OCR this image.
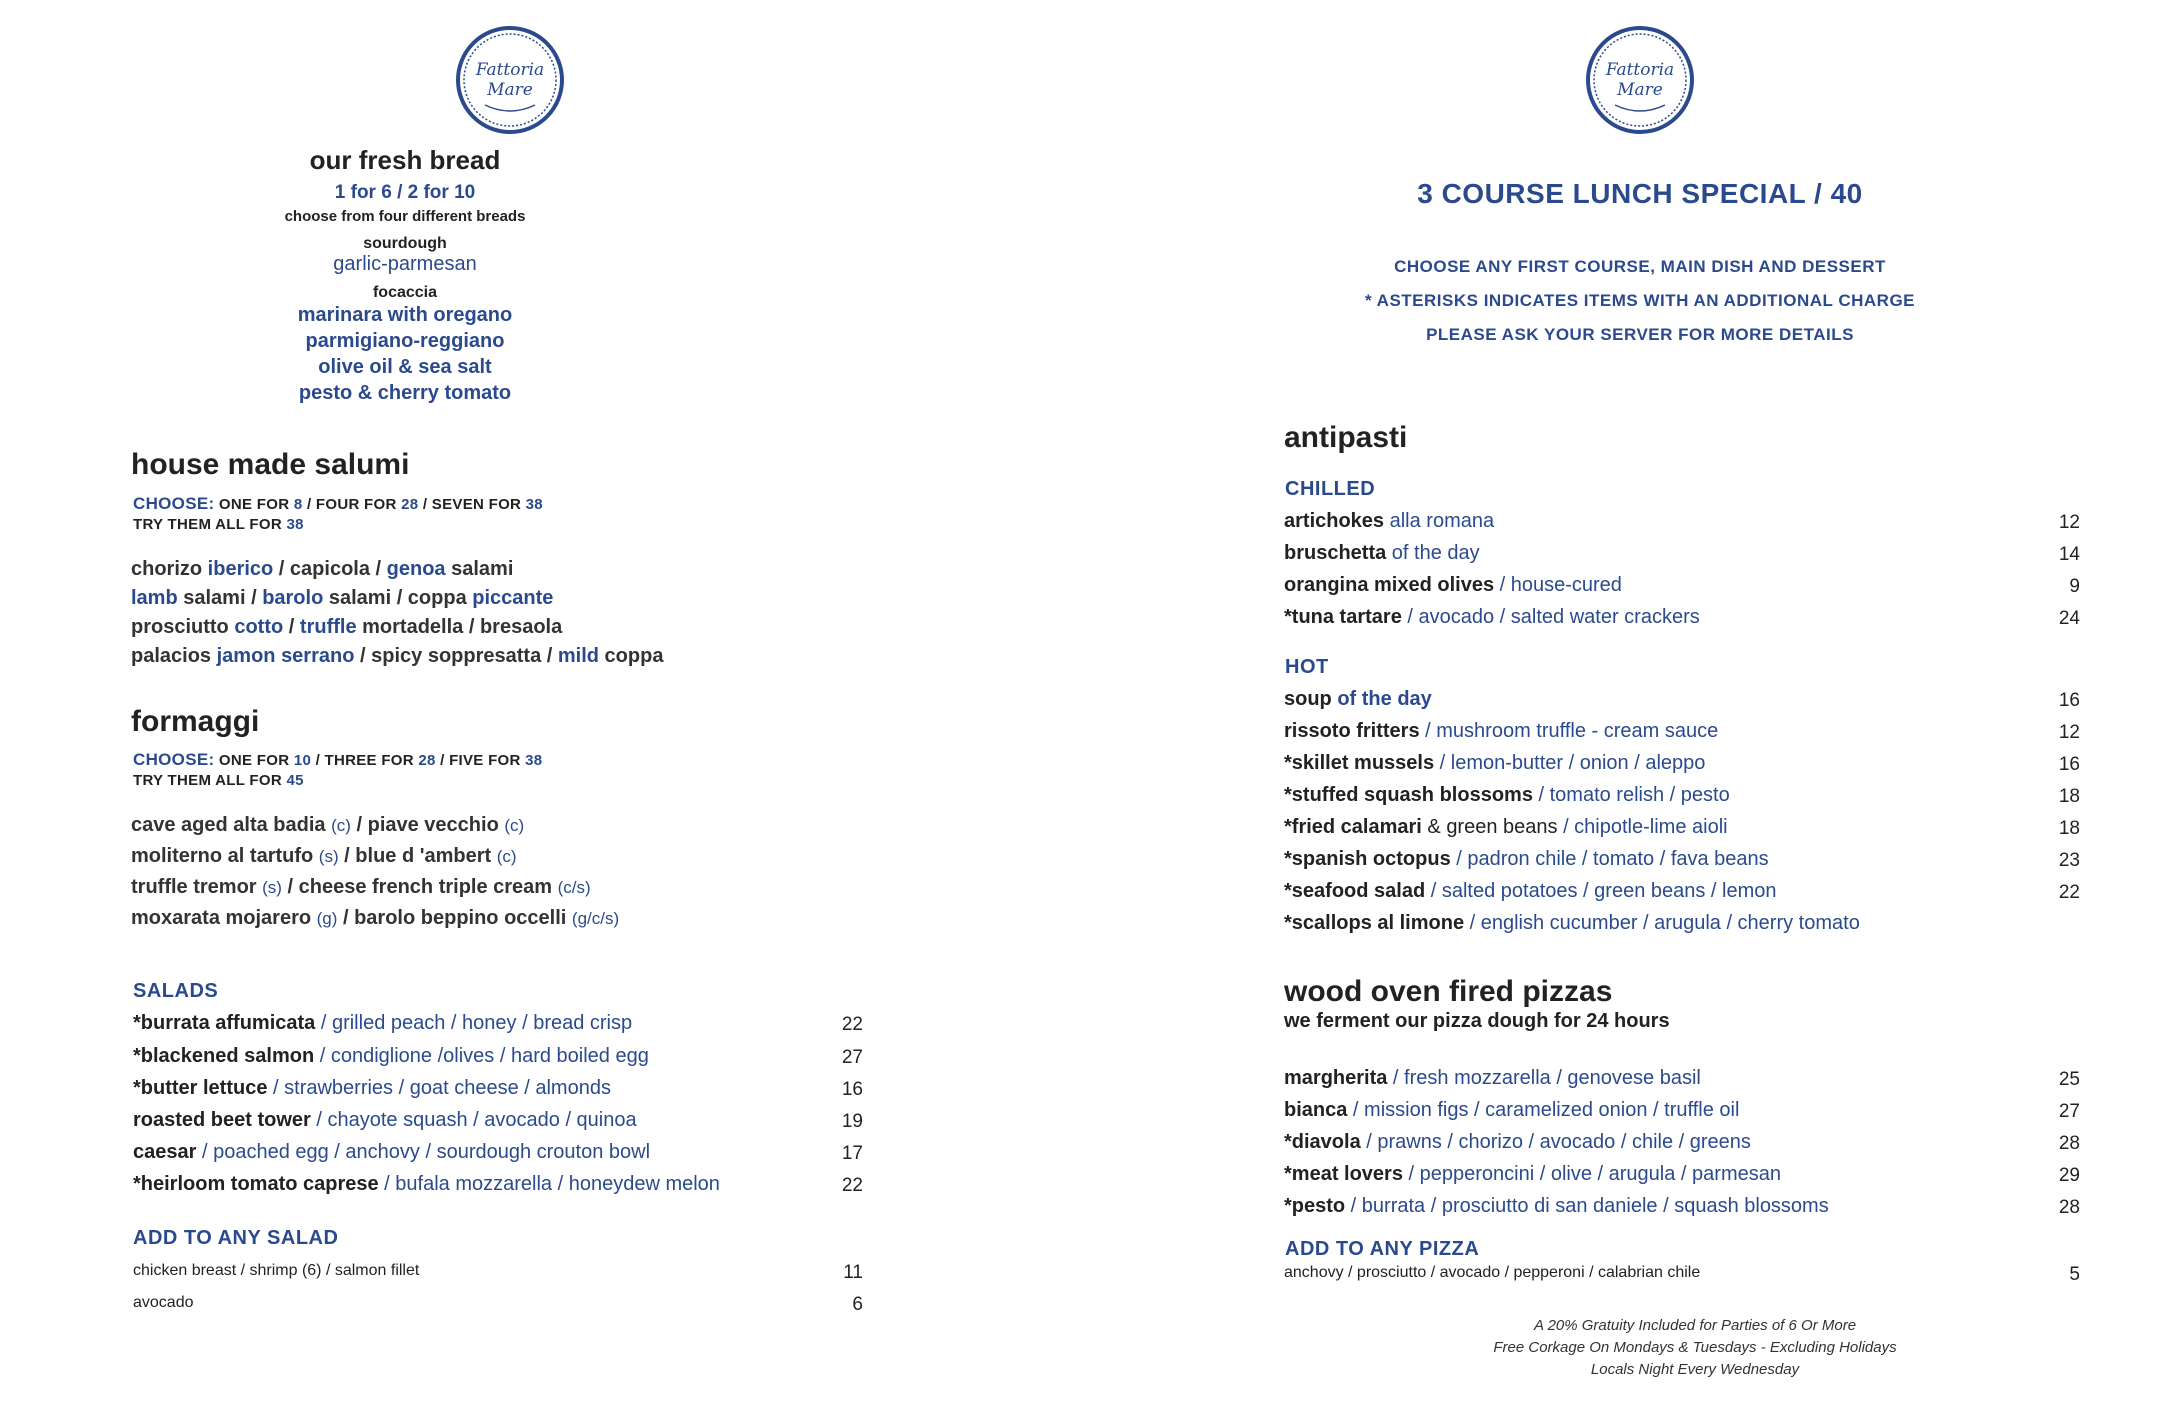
Fattoria
Mare
Fattoria
Mare
our fresh bread
1 for 6 / 2 for 10
choose from four different breads
sourdough
garlic-parmesan
focaccia
marinara with oregano
parmigiano-reggiano
olive oil & sea salt
pesto & cherry tomato
house made salumi
CHOOSE: ONE FOR 8 / FOUR FOR 28 / SEVEN FOR 38
TRY THEM ALL FOR 38
chorizo iberico / capicola / genoa salami
lamb salami / barolo salami / coppa piccante
prosciutto cotto / truffle mortadella / bresaola
palacios jamon serrano / spicy soppresatta / mild coppa
formaggi
CHOOSE: ONE FOR 10 / THREE FOR 28 / FIVE FOR 38
TRY THEM ALL FOR 45
cave aged alta badia (c) / piave vecchio (c)
moliterno al tartufo (s) / blue d 'ambert (c)
truffle tremor (s) / cheese french triple cream (c/s)
moxarata mojarero (g) / barolo beppino occelli (g/c/s)
SALADS
*burrata affumicata / grilled peach / honey / bread crisp	22
*blackened salmon / condiglione /olives / hard boiled egg	27
*butter lettuce / strawberries / goat cheese / almonds	16
roasted beet tower / chayote squash / avocado / quinoa	19
caesar / poached egg / anchovy / sourdough crouton bowl	17
*heirloom tomato caprese / bufala mozzarella / honeydew melon	22
ADD TO ANY SALAD
chicken breast / shrimp (6) / salmon fillet	11
avocado	6
3 COURSE LUNCH SPECIAL / 40
CHOOSE ANY FIRST COURSE, MAIN DISH AND DESSERT
* ASTERISKS INDICATES ITEMS WITH AN ADDITIONAL CHARGE
PLEASE ASK YOUR SERVER FOR MORE DETAILS
antipasti
CHILLED
artichokes alla romana	12
bruschetta of the day	14
orangina mixed olives / house-cured	9
*tuna tartare / avocado / salted water crackers	24
HOT
soup of the day	16
rissoto fritters / mushroom truffle - cream sauce	12
*skillet mussels / lemon-butter / onion / aleppo	16
*stuffed squash blossoms / tomato relish / pesto	18
*fried calamari & green beans / chipotle-lime aioli	18
*spanish octopus / padron chile / tomato / fava beans	23
*seafood salad / salted potatoes / green beans / lemon	22
*scallops al limone / english cucumber / arugula / cherry tomato
wood oven fired pizzas
we ferment our pizza dough for 24 hours
margherita / fresh mozzarella / genovese basil	25
bianca / mission figs / caramelized onion / truffle oil	27
*diavola / prawns / chorizo / avocado / chile / greens	28
*meat lovers / pepperoncini / olive / arugula / parmesan	29
*pesto / burrata / prosciutto di san daniele / squash blossoms	28
ADD TO ANY PIZZA
anchovy / prosciutto / avocado / pepperoni / calabrian chile	5
A 20% Gratuity Included for Parties of 6 Or More
Free Corkage On Mondays & Tuesdays - Excluding Holidays
Locals Night Every Wednesday
